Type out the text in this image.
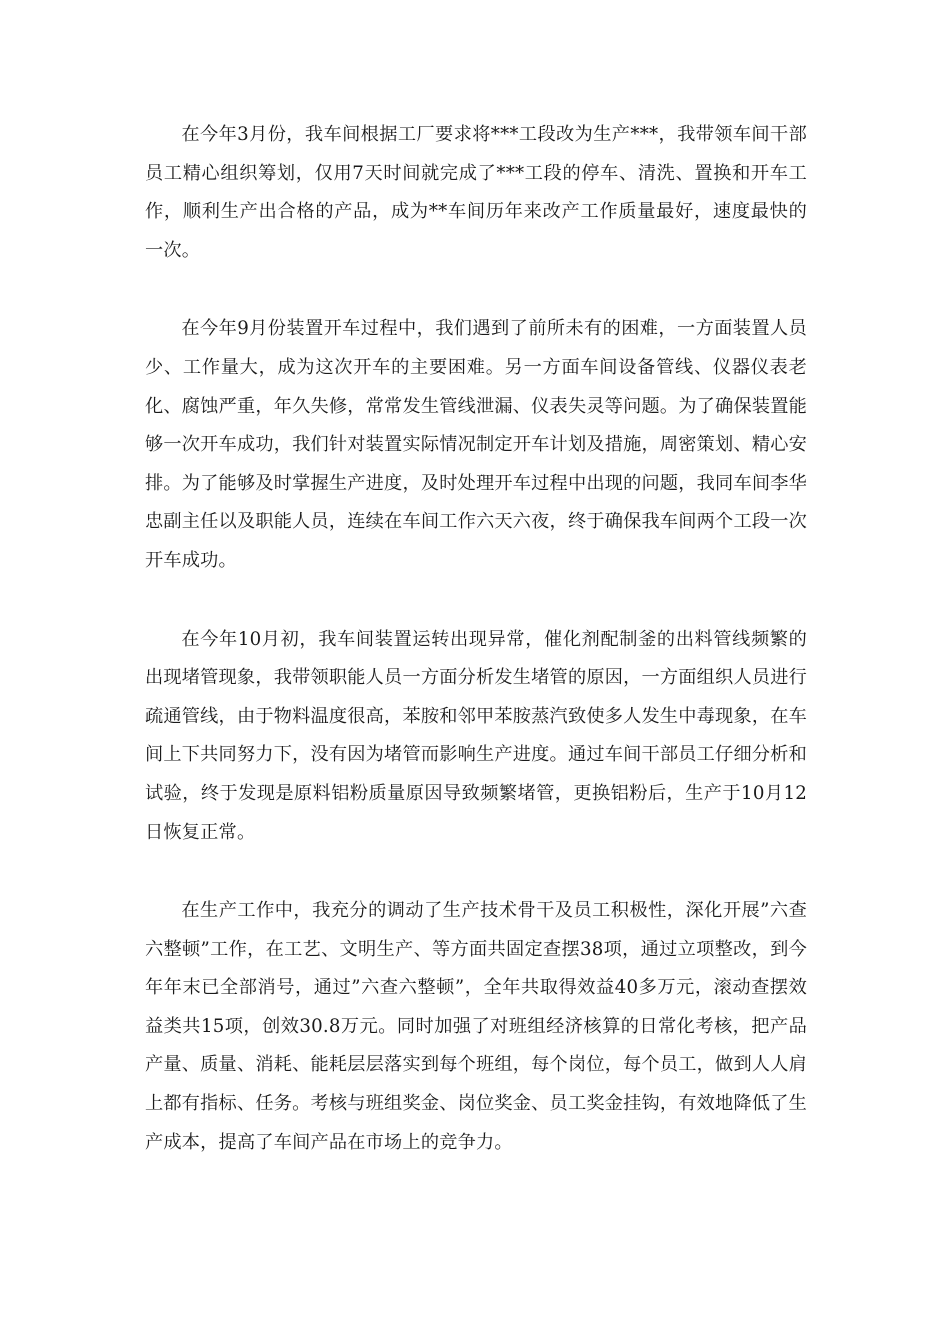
在今年3月份，我车间根据工厂要求将***工段改为生产***，我带领车间干部员工精心组织筹划，仅用7天时间就完成了***工段的停车、清洗、置换和开车工作，顺利生产出合格的产品，成为**车间历年来改产工作质量最好，速度最快的一次。

在今年9月份装置开车过程中，我们遇到了前所未有的困难，一方面装置人员少、工作量大，成为这次开车的主要困难。另一方面车间设备管线、仪器仪表老化、腐蚀严重，年久失修，常常发生管线泄漏、仪表失灵等问题。为了确保装置能够一次开车成功，我们针对装置实际情况制定开车计划及措施，周密策划、精心安排。为了能够及时掌握生产进度，及时处理开车过程中出现的问题，我同车间李华忠副主任以及职能人员，连续在车间工作六天六夜，终于确保我车间两个工段一次开车成功。

在今年10月初，我车间装置运转出现异常，催化剂配制釜的出料管线频繁的出现堵管现象，我带领职能人员一方面分析发生堵管的原因，一方面组织人员进行疏通管线，由于物料温度很高，苯胺和邻甲苯胺蒸汽致使多人发生中毒现象，在车间上下共同努力下，没有因为堵管而影响生产进度。通过车间干部员工仔细分析和试验，终于发现是原料铝粉质量原因导致频繁堵管，更换铝粉后，生产于10月12日恢复正常。

在生产工作中，我充分的调动了生产技术骨干及员工积极性，深化开展”六查六整顿”工作，在工艺、文明生产、等方面共固定查摆38项，通过立项整改，到今年年末已全部消号，通过”六查六整顿”，全年共取得效益40多万元，滚动查摆效益类共15项，创效30.8万元。同时加强了对班组经济核算的日常化考核，把产品产量、质量、消耗、能耗层层落实到每个班组，每个岗位，每个员工，做到人人肩上都有指标、任务。考核与班组奖金、岗位奖金、员工奖金挂钩，有效地降低了生产成本，提高了车间产品在市场上的竞争力。
